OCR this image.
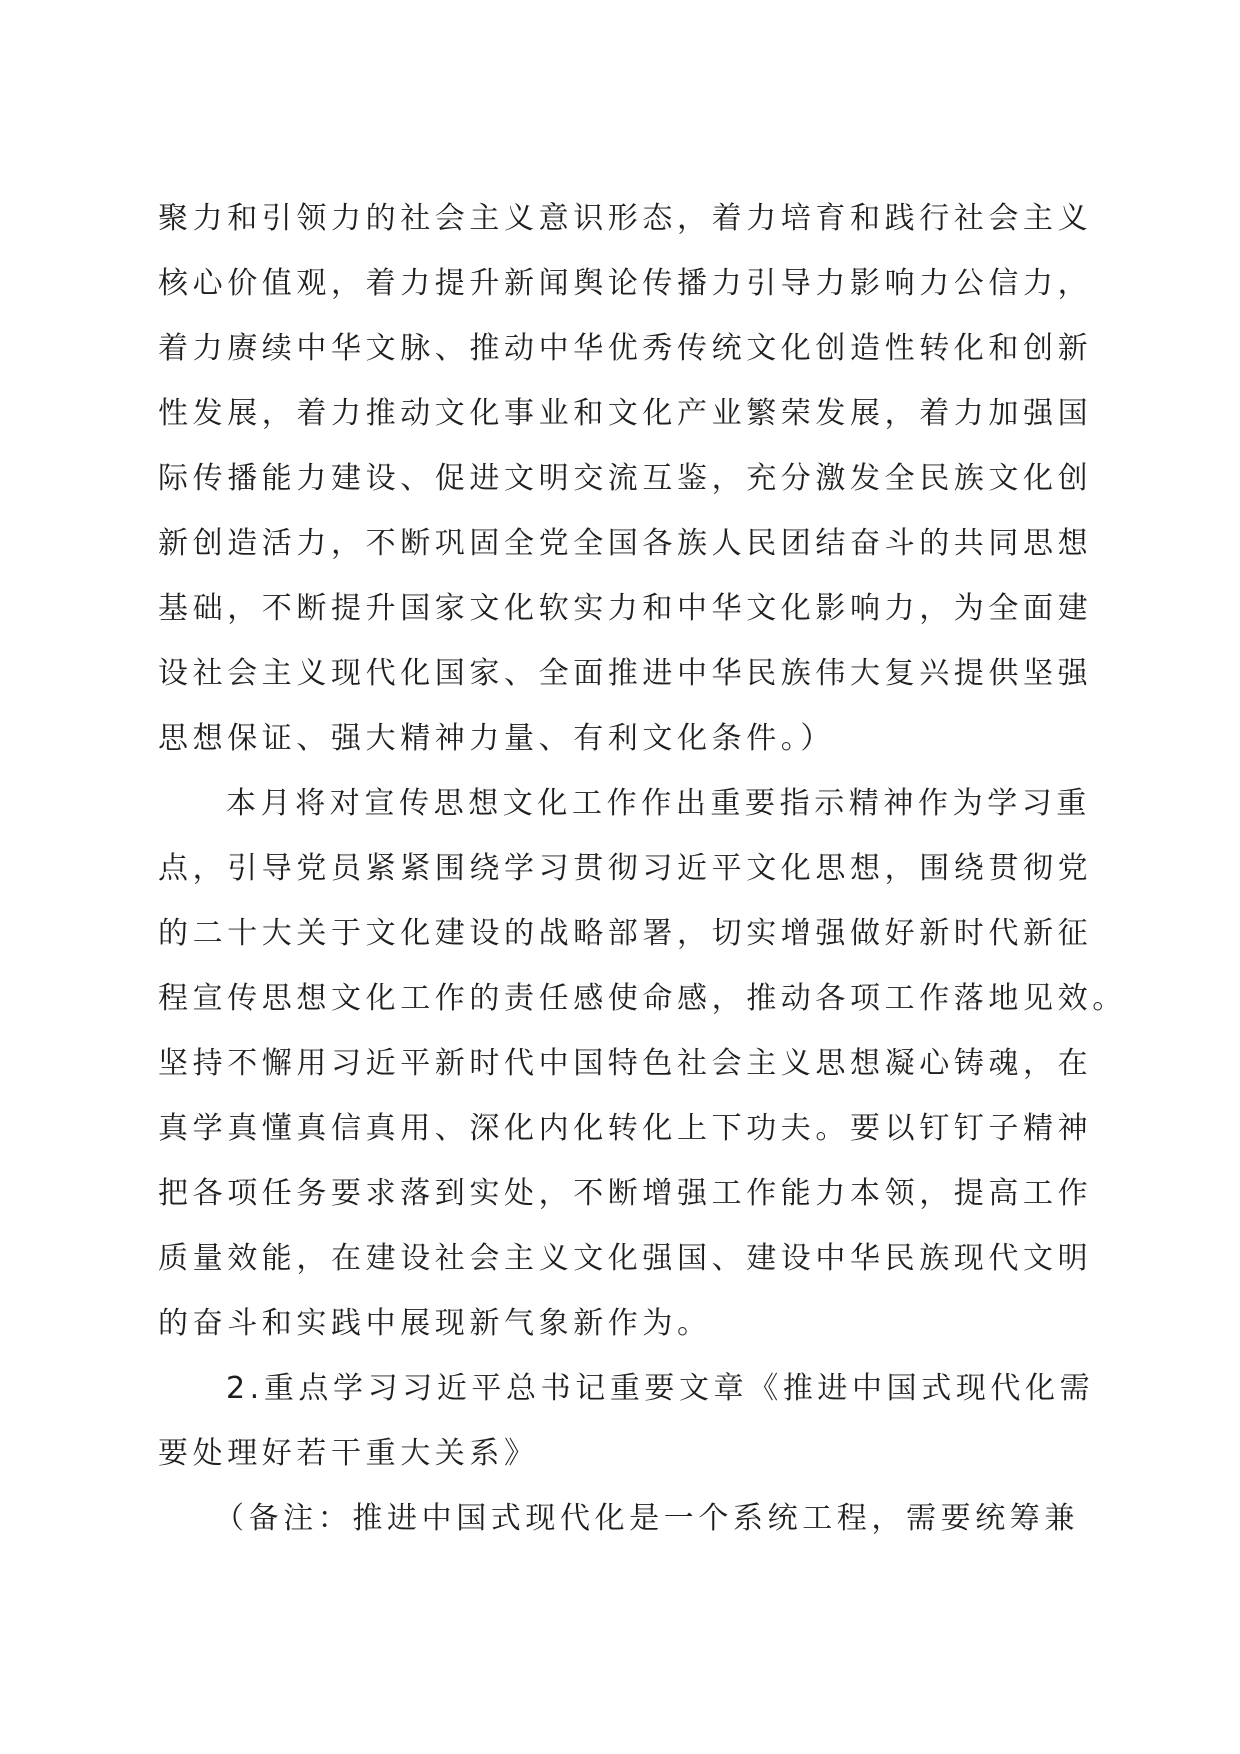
聚力和引领力的社会主义意识形态，着力培育和践行社会主义
核心价值观，着力提升新闻舆论传播力引导力影响力公信力，
着力赓续中华文脉、推动中华优秀传统文化创造性转化和创新
性发展，着力推动文化事业和文化产业繁荣发展，着力加强国
际传播能力建设、促进文明交流互鉴，充分激发全民族文化创
新创造活力，不断巩固全党全国各族人民团结奋斗的共同思想
基础，不断提升国家文化软实力和中华文化影响力，为全面建
设社会主义现代化国家、全面推进中华民族伟大复兴提供坚强
思想保证、强大精神力量、有利文化条件。）
本月将对宣传思想文化工作作出重要指示精神作为学习重
点，引导党员紧紧围绕学习贯彻习近平文化思想，围绕贯彻党
的二十大关于文化建设的战略部署，切实增强做好新时代新征
程宣传思想文化工作的责任感使命感，推动各项工作落地见效。
坚持不懈用习近平新时代中国特色社会主义思想凝心铸魂，在
真学真懂真信真用、深化内化转化上下功夫。要以钉钉子精神
把各项任务要求落到实处，不断增强工作能力本领，提高工作
质量效能，在建设社会主义文化强国、建设中华民族现代文明
的奋斗和实践中展现新气象新作为。
2.重点学习习近平总书记重要文章《推进中国式现代化需
要处理好若干重大关系》
（备注：推进中国式现代化是一个系统工程，需要统筹兼
